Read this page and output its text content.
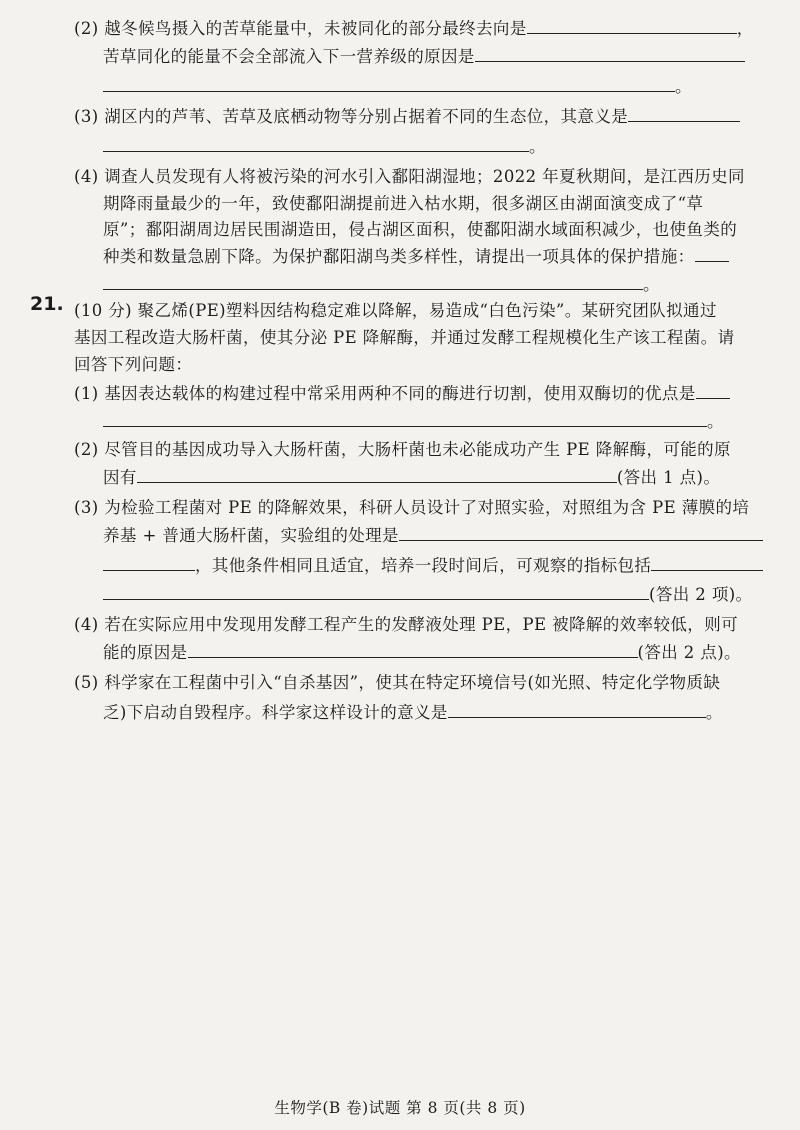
(2) 越冬候鸟摄入的苦草能量中，未被同化的部分最终去向是	，
苦草同化的能量不会全部流入下一营养级的原因是
。
(3) 湖区内的芦苇、苦草及底栖动物等分别占据着不同的生态位，其意义是
。
(4) 调查人员发现有人将被污染的河水引入鄱阳湖湿地；2022 年夏秋期间，是江西历史同
期降雨量最少的一年，致使鄱阳湖提前进入枯水期，很多湖区由湖面演变成了“草
原”；鄱阳湖周边居民围湖造田，侵占湖区面积，使鄱阳湖水域面积减少，也使鱼类的
种类和数量急剧下降。为保护鄱阳湖鸟类多样性，请提出一项具体的保护措施：
。
21. (10 分) 聚乙烯(PE)塑料因结构稳定难以降解，易造成“白色污染”。某研究团队拟通过
基因工程改造大肠杆菌，使其分泌 PE 降解酶，并通过发酵工程规模化生产该工程菌。请
回答下列问题：
(1) 基因表达载体的构建过程中常采用两种不同的酶进行切割，使用双酶切的优点是
。
(2) 尽管目的基因成功导入大肠杆菌，大肠杆菌也未必能成功产生 PE 降解酶，可能的原
因有	(答出 1 点)。
(3) 为检验工程菌对 PE 的降解效果，科研人员设计了对照实验，对照组为含 PE 薄膜的培
养基 + 普通大肠杆菌，实验组的处理是
，其他条件相同且适宜，培养一段时间后，可观察的指标包括
(答出 2 项)。
(4) 若在实际应用中发现用发酵工程产生的发酵液处理 PE，PE 被降解的效率较低，则可
能的原因是	(答出 2 点)。
(5) 科学家在工程菌中引入“自杀基因”，使其在特定环境信号(如光照、特定化学物质缺
乏)下启动自毁程序。科学家这样设计的意义是	。
生物学(B 卷)试题 第 8 页(共 8 页)
